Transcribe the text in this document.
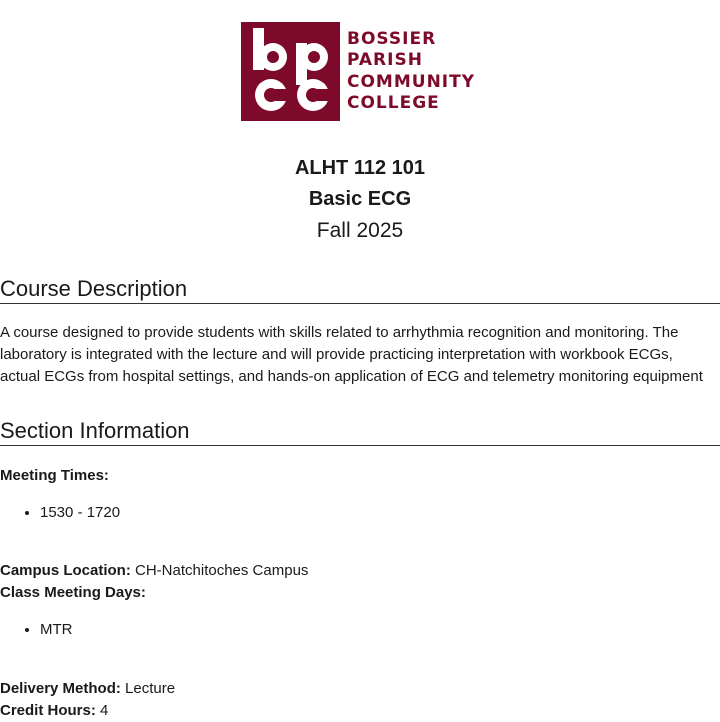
BOSSIER
PARISH
COMMUNITY
COLLEGE
ALHT 112 101
Basic ECG
Fall 2025
Course Description
A course designed to provide students with skills related to arrhythmia recognition and monitoring. The laboratory is integrated with the lecture and will provide practicing interpretation with workbook ECGs, actual ECGs from hospital settings, and hands-on application of ECG and telemetry monitoring equipment
Section Information
Meeting Times:
• 1530 - 1720
Campus Location: CH-Natchitoches Campus
Class Meeting Days:
• MTR
Delivery Method: Lecture
Credit Hours: 4
